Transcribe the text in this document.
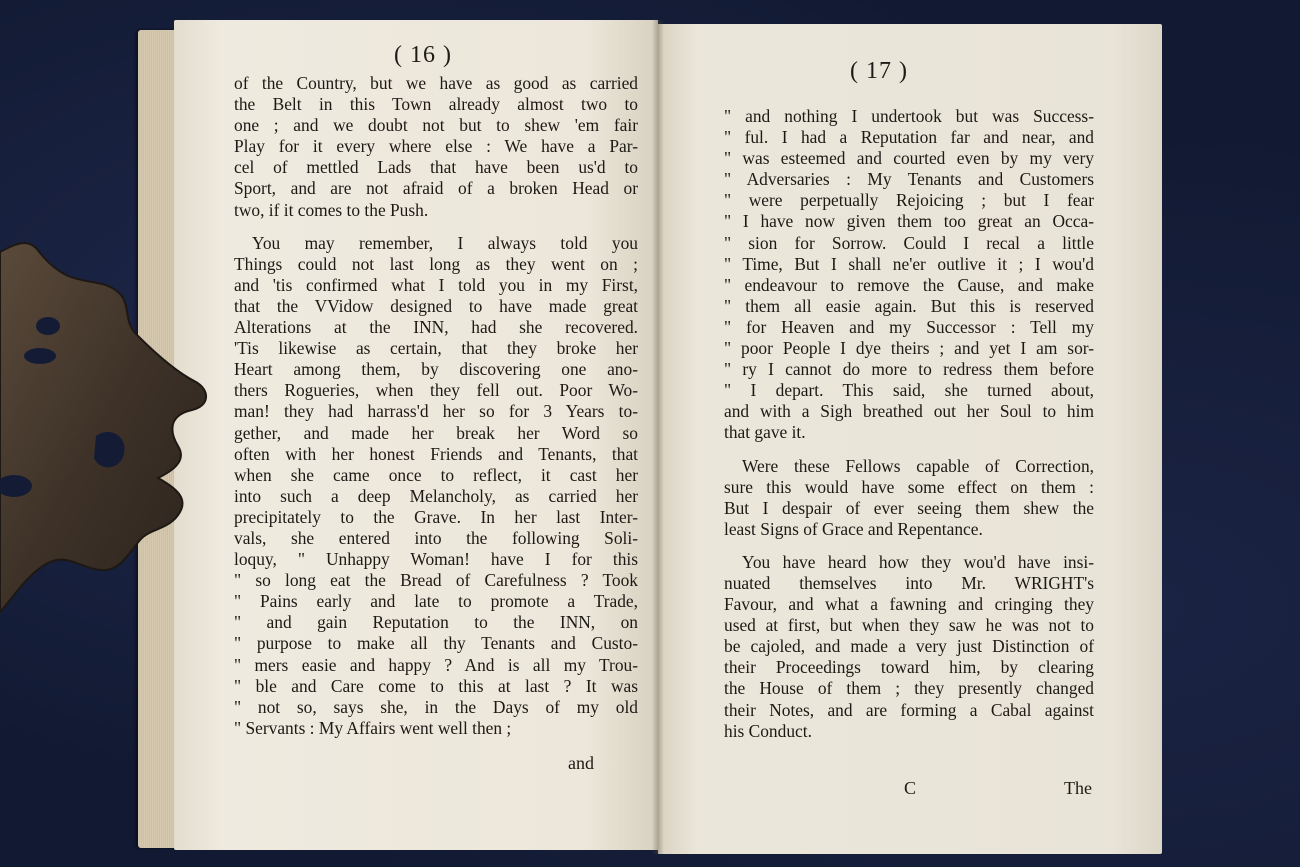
( 16 )
of the Country, but we have as good as carried
the Belt in this Town already almost two to
one ; and we doubt not but to shew 'em fair
Play for it every where else : We have a Par-
cel of mettled Lads that have been us'd to
Sport, and are not afraid of a broken Head or
two, if it comes to the Push.
You may remember, I always told you
Things could not last long as they went on ;
and 'tis confirmed what I told you in my First,
that the VVidow designed to have made great
Alterations at the INN, had she recovered.
'Tis likewise as certain, that they broke her
Heart among them, by discovering one ano-
thers Rogueries, when they fell out. Poor Wo-
man! they had harrass'd her so for 3 Years to-
gether, and made her break her Word so
often with her honest Friends and Tenants, that
when she came once to reflect, it cast her
into such a deep Melancholy, as carried her
precipitately to the Grave. In her last Inter-
vals, she entered into the following Soli-
loquy, " Unhappy Woman! have I for this
" so long eat the Bread of Carefulness ? Took
" Pains early and late to promote a Trade,
" and gain Reputation to the INN, on
" purpose to make all thy Tenants and Custo-
" mers easie and happy ? And is all my Trou-
" ble and Care come to this at last ? It was
" not so, says she, in the Days of my old
" Servants : My Affairs went well then ;
and
( 17 )
" and nothing I undertook but was Success-
" ful. I had a Reputation far and near, and
" was esteemed and courted even by my very
" Adversaries : My Tenants and Customers
" were perpetually Rejoicing ; but I fear
" I have now given them too great an Occa-
" sion for Sorrow. Could I recal a little
" Time, But I shall ne'er outlive it ; I wou'd
" endeavour to remove the Cause, and make
" them all easie again. But this is reserved
" for Heaven and my Successor : Tell my
" poor People I dye theirs ; and yet I am sor-
" ry I cannot do more to redress them before
" I depart. This said, she turned about,
and with a Sigh breathed out her Soul to him
that gave it.
Were these Fellows capable of Correction,
sure this would have some effect on them :
But I despair of ever seeing them shew the
least Signs of Grace and Repentance.
You have heard how they wou'd have insi-
nuated themselves into Mr. WRIGHT's
Favour, and what a fawning and cringing they
used at first, but when they saw he was not to
be cajoled, and made a very just Distinction of
their Proceedings toward him, by clearing
the House of them ; they presently changed
their Notes, and are forming a Cabal against
his Conduct.
C	The
